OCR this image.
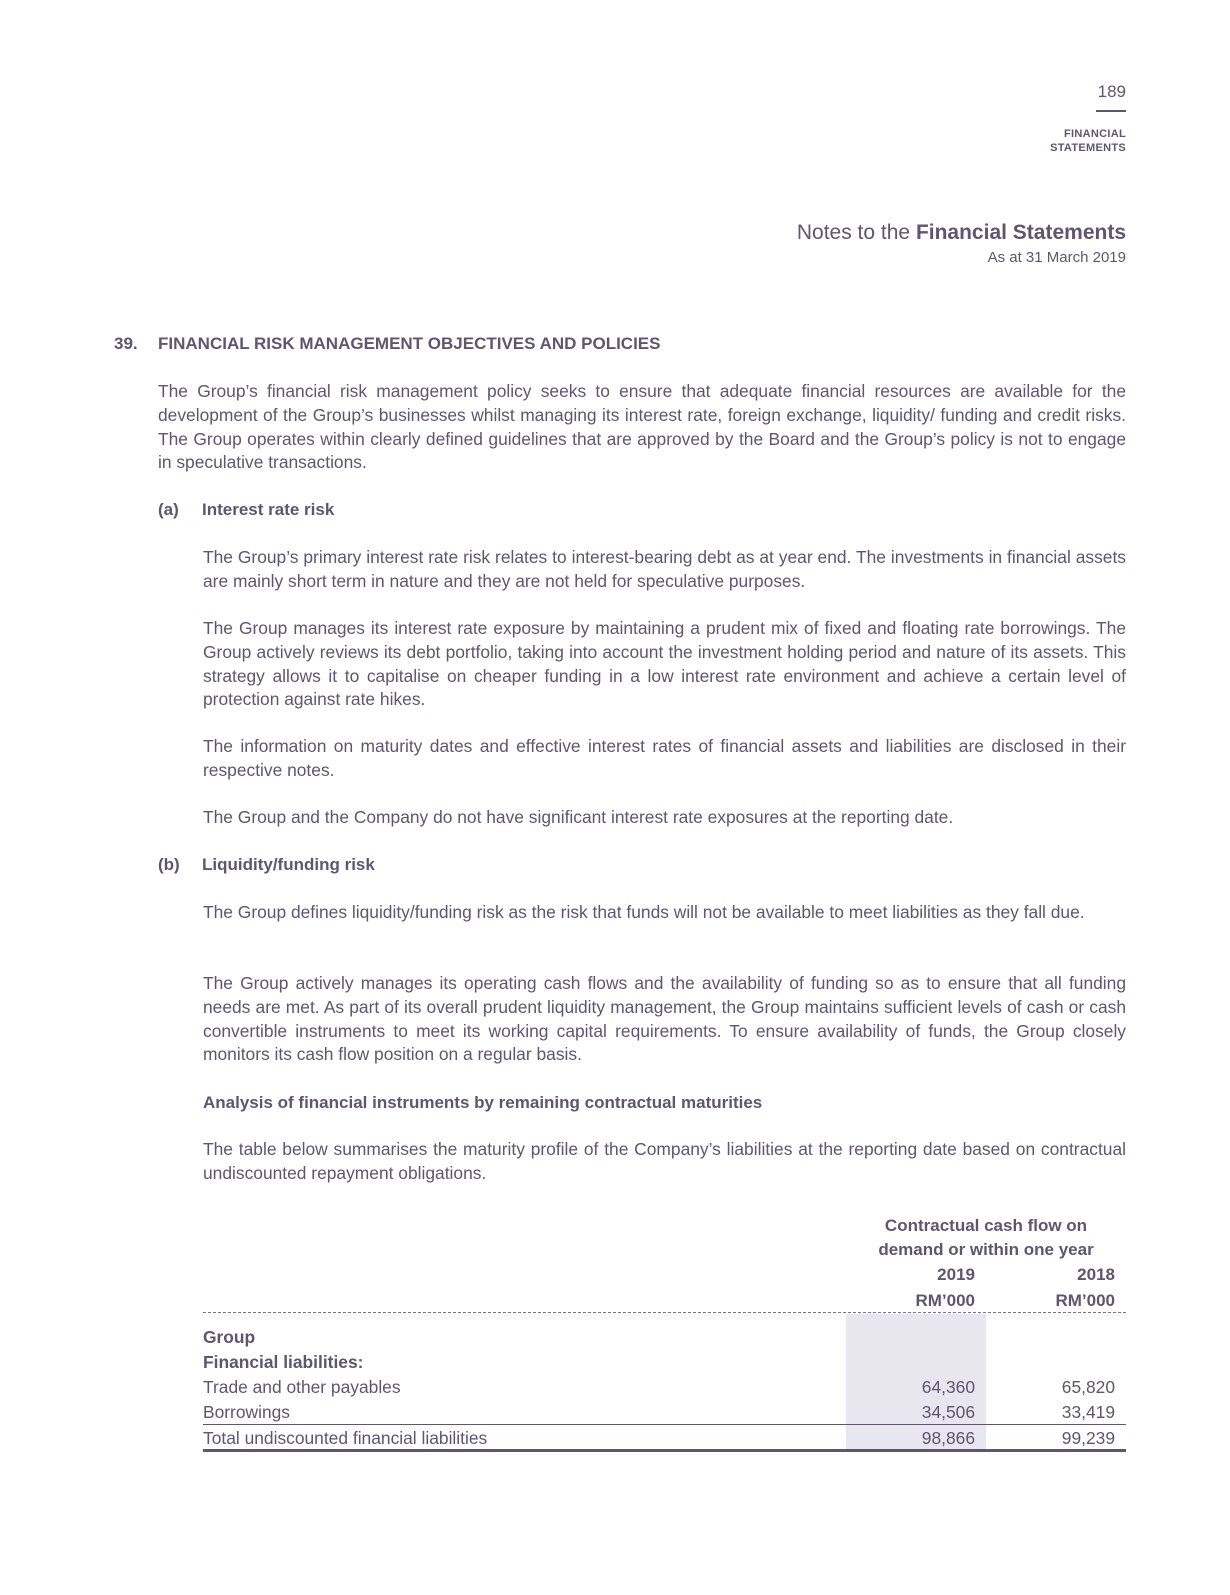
189
FINANCIAL
STATEMENTS
Notes to the Financial Statements
As at 31 March 2019
39. FINANCIAL RISK MANAGEMENT OBJECTIVES AND POLICIES

The Group’s financial risk management policy seeks to ensure that adequate financial resources are available for the development of the Group’s businesses whilst managing its interest rate, foreign exchange, liquidity/ funding and credit risks. The Group operates within clearly defined guidelines that are approved by the Board and the Group’s policy is not to engage in speculative transactions.

(a) Interest rate risk

The Group’s primary interest rate risk relates to interest-bearing debt as at year end. The investments in financial assets are mainly short term in nature and they are not held for speculative purposes.

The Group manages its interest rate exposure by maintaining a prudent mix of fixed and floating rate borrowings. The Group actively reviews its debt portfolio, taking into account the investment holding period and nature of its assets. This strategy allows it to capitalise on cheaper funding in a low interest rate environment and achieve a certain level of protection against rate hikes.

The information on maturity dates and effective interest rates of financial assets and liabilities are disclosed in their respective notes.

The Group and the Company do not have significant interest rate exposures at the reporting date.

(b) Liquidity/funding risk

The Group defines liquidity/funding risk as the risk that funds will not be available to meet liabilities as they fall due.

The Group actively manages its operating cash flows and the availability of funding so as to ensure that all funding needs are met. As part of its overall prudent liquidity management, the Group maintains sufficient levels of cash or cash convertible instruments to meet its working capital requirements. To ensure availability of funds, the Group closely monitors its cash flow position on a regular basis.

Analysis of financial instruments by remaining contractual maturities

The table below summarises the maturity profile of the Company’s liabilities at the reporting date based on contractual undiscounted repayment obligations.

Contractual cash flow on
demand or within one year
2019	2018
RM’000	RM’000
Group
Financial liabilities:
Trade and other payables	64,360	65,820
Borrowings	34,506	33,419
Total undiscounted financial liabilities	98,866	99,239
